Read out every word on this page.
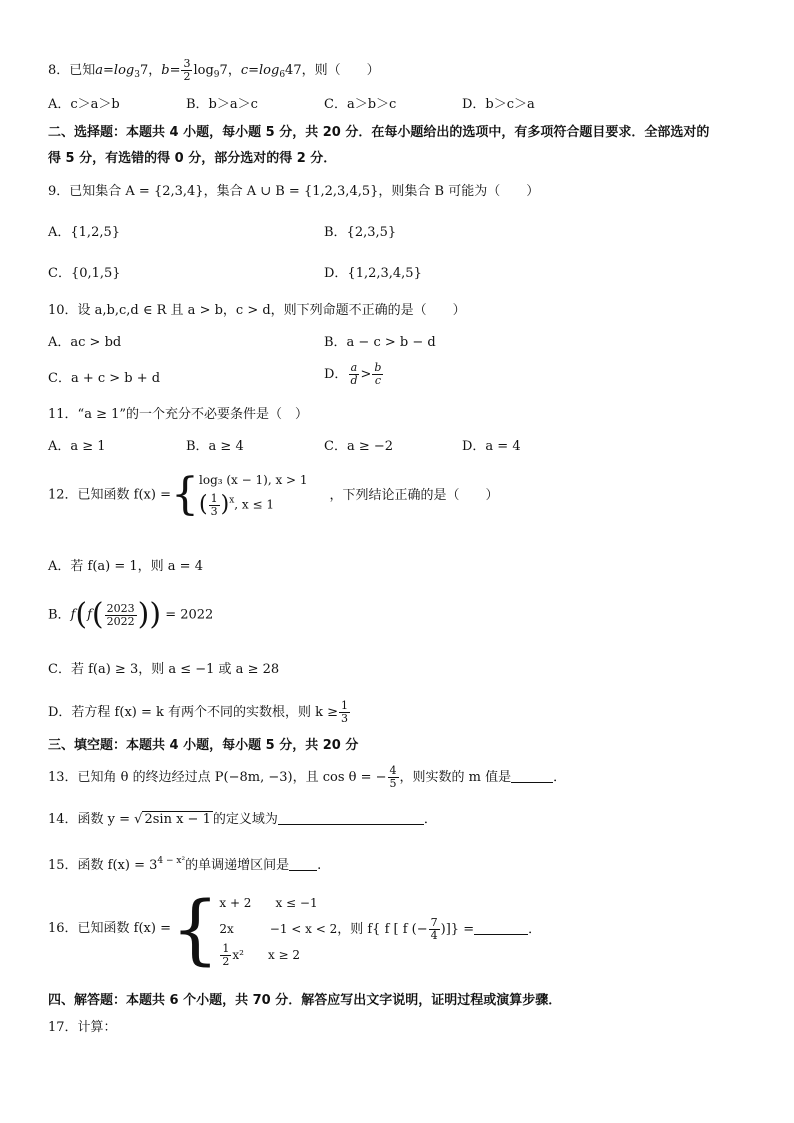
8．已知$a=\log_37$，$b= \frac{3}{2} \log_97$，$c=\log_647$，则（　　）
A．c＞a＞b	B．b＞a＞c	C．a＞b＞c	D．b＞c＞a
二、选择题：本题共 4 小题，每小题 5 分，共 20 分．在每小题给出的选项中，有多项符合题目要求．全部选对的
得 5 分，有选错的得 0 分，部分选对的得 2 分．
9．已知集合 A = {2,3,4}，集合 A ∪ B = {1,2,3,4,5}，则集合 B 可能为（　　）
A．{1,2,5}	B．{2,3,5}
C．{0,1,5}	D．{1,2,3,4,5}
10．设 a,b,c,d ∈ R 且 a > b，c > d，则下列命题不正确的是（　　）
A．ac > bd	B．a − c > b − d
C．a + c > b + d	D． $\frac{a}{d} > \frac{b}{c}$
11．“a ≥ 1”的一个充分不必要条件是（　）
A．a ≥ 1	B．a ≥ 4	C．a ≥ −2	D．a = 4
12．已知函数 f(x) ={ log₃ (x − 1), x > 1
( $\frac{1}{3} )^x$, x ≤ 1
，下列结论正确的是（　　）
A．若 f(a) = 1，则 a = 4
B．$f(f( \frac{2023}{2022}$ )) = 2022
C．若 f(a) ≥ 3，则 a ≤ −1 或 a ≥ 28
D．若方程 f(x) = k 有两个不同的实数根，则 $k \ge \frac{1}{3}$
三、填空题：本题共 4 小题，每小题 5 分，共 20 分
13．已知角 θ 的终边经过点 P(−8m, −3)，且 cos θ = − $\frac{4}{5}$ ，则实数的 m 值是	．
14．函数 y = √ 2sin x − 1 的定义域为	．
15．函数 $f(x) = 3^{4 - x^2}$的单调递增区间是 .
16．已知函数 f(x) ={ x + 2　　x ≤ −1
2x　　　−1 < x < 2
$\frac{1}{2} x^2$　　x ≥ 2
，则 f{ f [ f (− $\frac{7}{4}$ )]} =	．
四、解答题：本题共 6 个小题，共 70 分．解答应写出文字说明，证明过程或演算步骤．
17．计算：
